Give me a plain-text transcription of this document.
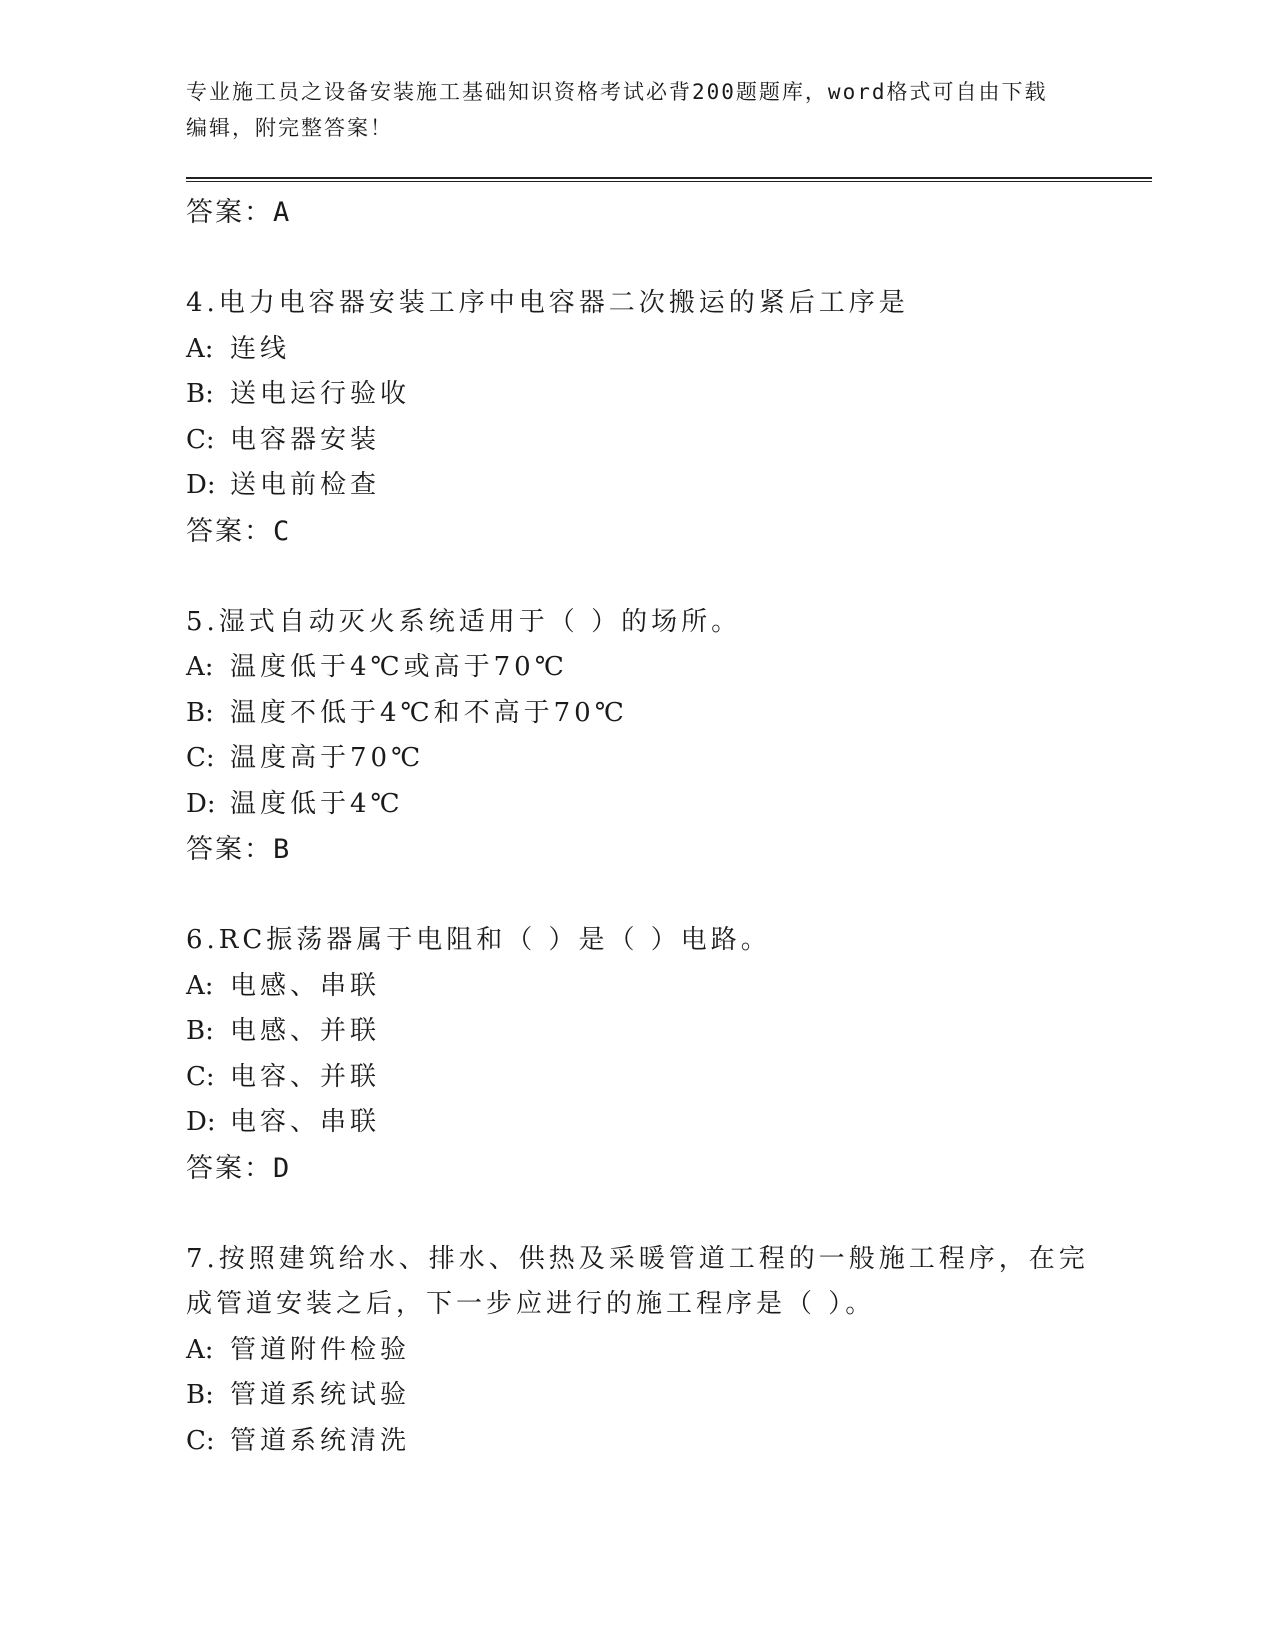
专业施工员之设备安装施工基础知识资格考试必背200题题库，word格式可自由下载编辑，附完整答案！
答案：A
4.电力电容器安装工序中电容器二次搬运的紧后工序是
A: 连线
B: 送电运行验收
C: 电容器安装
D: 送电前检查
答案：C
5.湿式自动灭火系统适用于（ ）的场所。
A: 温度低于4℃或高于70℃
B: 温度不低于4℃和不高于70℃
C: 温度高于70℃
D: 温度低于4℃
答案：B
6.RC振荡器属于电阻和（ ）是（ ）电路。
A: 电感、串联
B: 电感、并联
C: 电容、并联
D: 电容、串联
答案：D
7.按照建筑给水、排水、供热及采暖管道工程的一般施工程序，在完
成管道安装之后，下一步应进行的施工程序是（ ）。
A: 管道附件检验
B: 管道系统试验
C: 管道系统清洗
